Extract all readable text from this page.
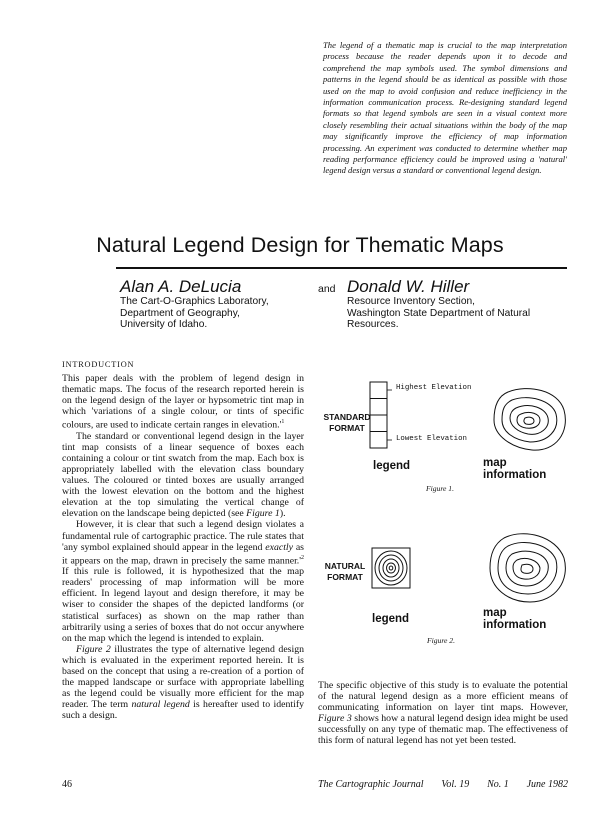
The legend of a thematic map is crucial to the map interpretation process because the reader depends upon it to decode and comprehend the map symbols used. The symbol dimensions and patterns in the legend should be as identical as possible with those used on the map to avoid confusion and reduce inefficiency in the information communication process. Re-designing standard legend formats so that legend symbols are seen in a visual context more closely resembling their actual situations within the body of the map may significantly improve the efficiency of map information processing. An experiment was conducted to determine whether map reading performance efficiency could be improved using a 'natural' legend design versus a standard or conventional legend design.
Natural Legend Design for Thematic Maps
Alan A. DeLucia
The Cart-O-Graphics Laboratory,
Department of Geography,
University of Idaho.
and Donald W. Hiller
Resource Inventory Section,
Washington State Department of Natural
Resources.
INTRODUCTION

This paper deals with the problem of legend design in thematic maps. The focus of the research reported herein is on the legend design of the layer or hypsometric tint map in which 'variations of a single colour, or tints of specific colours, are used to indicate certain ranges in $elevation.'^1$

The standard or conventional legend design in the layer tint map consists of a linear sequence of boxes each containing a colour or tint swatch from the map. Each box is appropriately labelled with the elevation class boundary values. The coloured or tinted boxes are usually arranged with the lowest elevation on the bottom and the highest elevation at the top simulating the vertical change of elevation on the landscape being depicted (see Figure 1).

However, it is clear that such a legend design violates a fundamental rule of cartographic practice. The rule states that 'any symbol explained should appear in the legend exactly as it appears on the map, drawn in precisely the same $manner.'^2$ If this rule is followed, it is hypothesized that the map readers' processing of map information will be more efficient. In legend layout and design therefore, it may be wiser to consider the shapes of the depicted landforms (or statistical surfaces) as shown on the map rather than arbitrarily using a series of boxes that do not occur anywhere on the map which the legend is intended to explain.

Figure 2 illustrates the type of alternative legend design which is evaluated in the experiment reported herein. It is based on the concept that using a re-creation of a portion of the mapped landscape or surface with appropriate labelling as the legend could be visually more efficient for the map reader. The term natural legend is hereafter used to identify such a design.

The specific objective of this study is to evaluate the potential of the natural legend design as a more efficient means of communicating information on layer tint maps. However, Figure 3 shows how a natural legend design idea might be used successfully on any type of thematic map. The effectiveness of this form of natural legend has not yet been tested.

STANDARD
FORMAT
Highest Elevation
Lowest Elevation
legend	map
information
Figure 1.
NATURAL
FORMAT
legend	map
information
Figure 2.
46	The Cartographic Journal Vol. 19 No. 1 June 1982
